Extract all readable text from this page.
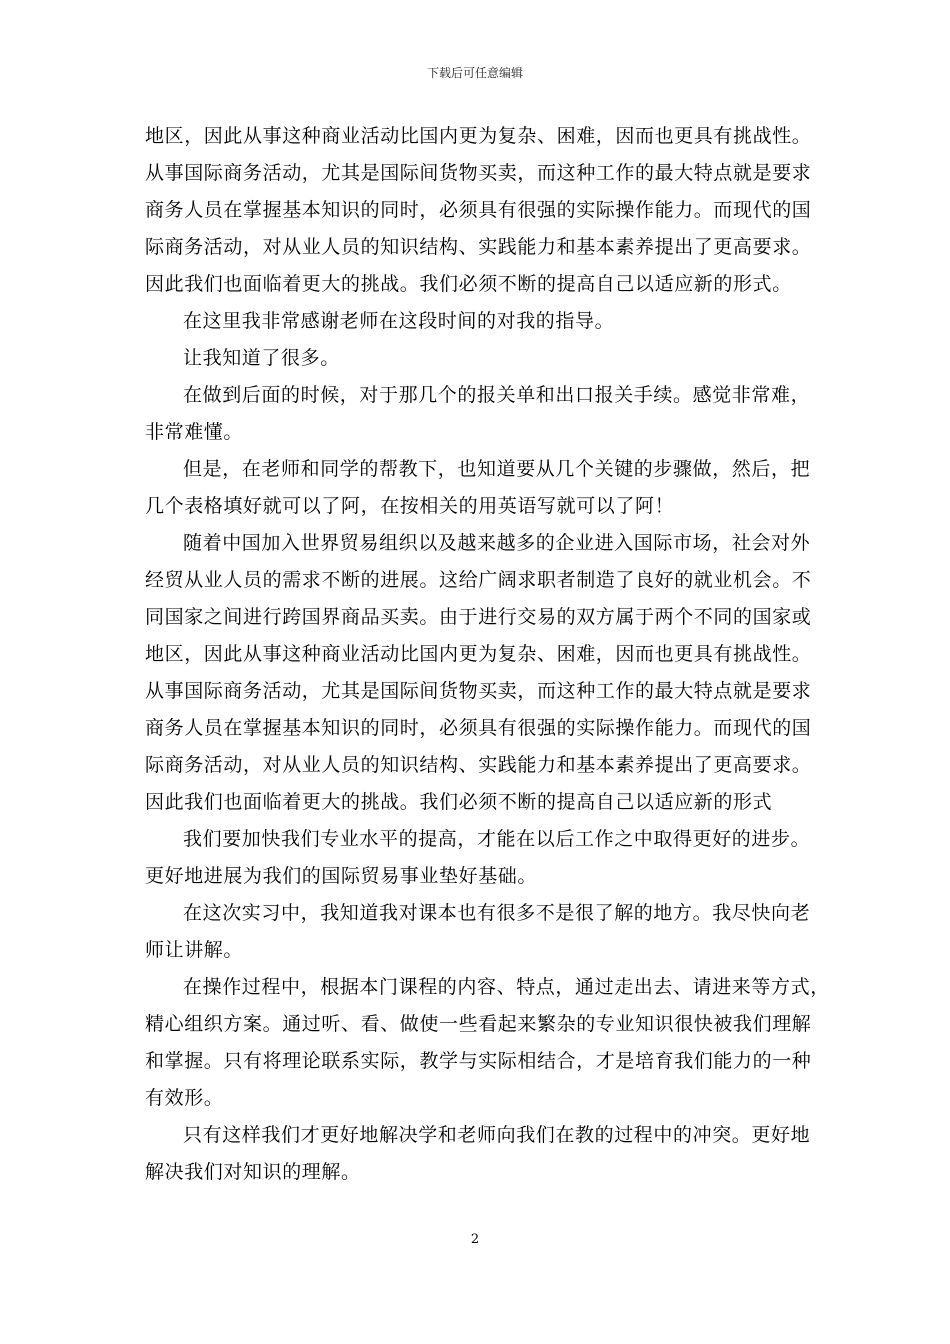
下载后可任意编辑
地区，因此从事这种商业活动比国内更为复杂、困难，因而也更具有挑战性。
从事国际商务活动，尤其是国际间货物买卖，而这种工作的最大特点就是要求
商务人员在掌握基本知识的同时，必须具有很强的实际操作能力。而现代的国
际商务活动，对从业人员的知识结构、实践能力和基本素养提出了更高要求。
因此我们也面临着更大的挑战。我们必须不断的提高自己以适应新的形式。
在这里我非常感谢老师在这段时间的对我的指导。
让我知道了很多。
在做到后面的时候，对于那几个的报关单和出口报关手续。感觉非常难，
非常难懂。
但是，在老师和同学的帮教下，也知道要从几个关键的步骤做，然后，把
几个表格填好就可以了阿，在按相关的用英语写就可以了阿！
随着中国加入世界贸易组织以及越来越多的企业进入国际市场，社会对外
经贸从业人员的需求不断的进展。这给广阔求职者制造了良好的就业机会。不
同国家之间进行跨国界商品买卖。由于进行交易的双方属于两个不同的国家或
地区，因此从事这种商业活动比国内更为复杂、困难，因而也更具有挑战性。
从事国际商务活动，尤其是国际间货物买卖，而这种工作的最大特点就是要求
商务人员在掌握基本知识的同时，必须具有很强的实际操作能力。而现代的国
际商务活动，对从业人员的知识结构、实践能力和基本素养提出了更高要求。
因此我们也面临着更大的挑战。我们必须不断的提高自己以适应新的形式
我们要加快我们专业水平的提高，才能在以后工作之中取得更好的进步。
更好地进展为我们的国际贸易事业垫好基础。
在这次实习中，我知道我对课本也有很多不是很了解的地方。我尽快向老
师让讲解。
在操作过程中，根据本门课程的内容、特点，通过走出去、请进来等方式，
精心组织方案。通过听、看、做使一些看起来繁杂的专业知识很快被我们理解
和掌握。只有将理论联系实际，教学与实际相结合，才是培育我们能力的一种
有效形。
只有这样我们才更好地解决学和老师向我们在教的过程中的冲突。更好地
解决我们对知识的理解。
2
